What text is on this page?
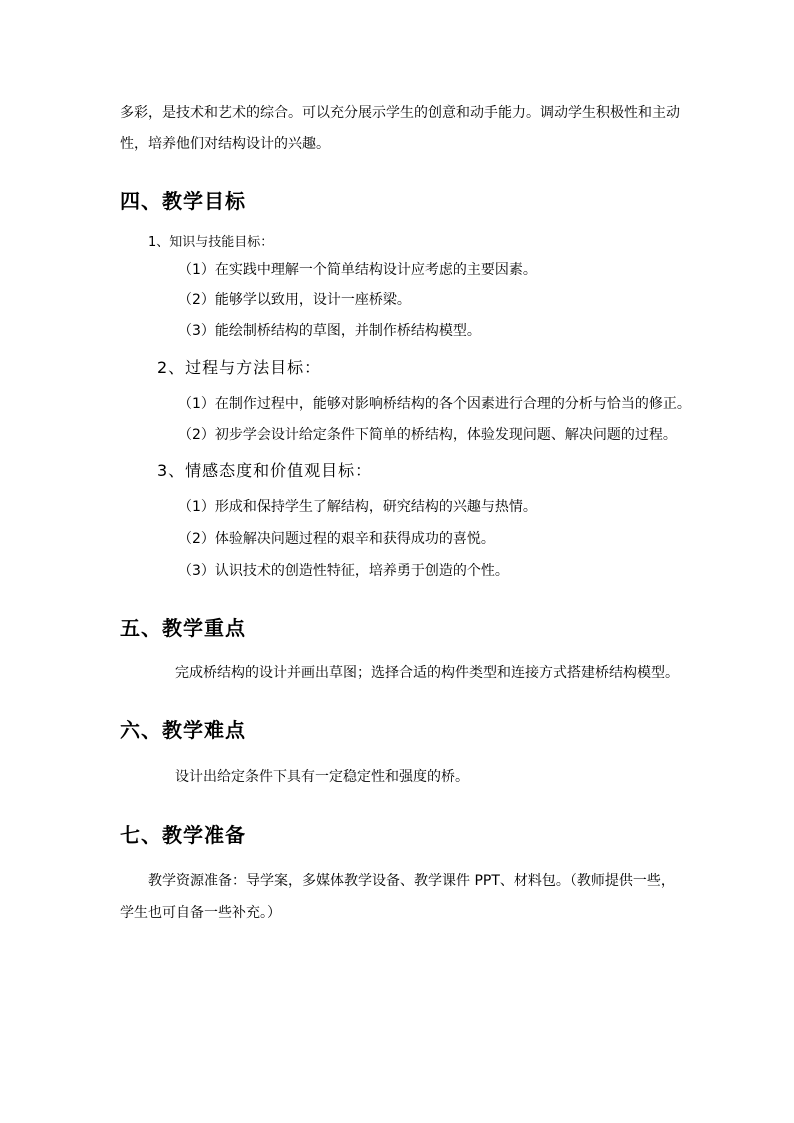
多彩，是技术和艺术的综合。可以充分展示学生的创意和动手能力。调动学生积极性和主动

性，培养他们对结构设计的兴趣。

四、教学目标

1、知识与技能目标：

（1）在实践中理解一个简单结构设计应考虑的主要因素。

（2）能够学以致用，设计一座桥梁。

（3）能绘制桥结构的草图，并制作桥结构模型。

2、过程与方法目标：

（1）在制作过程中，能够对影响桥结构的各个因素进行合理的分析与恰当的修正。

（2）初步学会设计给定条件下简单的桥结构，体验发现问题、解决问题的过程。

3、情感态度和价值观目标：

（1）形成和保持学生了解结构，研究结构的兴趣与热情。

（2）体验解决问题过程的艰辛和获得成功的喜悦。

（3）认识技术的创造性特征，培养勇于创造的个性。

五、教学重点

完成桥结构的设计并画出草图；选择合适的构件类型和连接方式搭建桥结构模型。

六、教学难点

设计出给定条件下具有一定稳定性和强度的桥。

七、教学准备

教学资源准备：导学案，多媒体教学设备、教学课件 PPT、材料包。（教师提供一些，

学生也可自备一些补充。）
